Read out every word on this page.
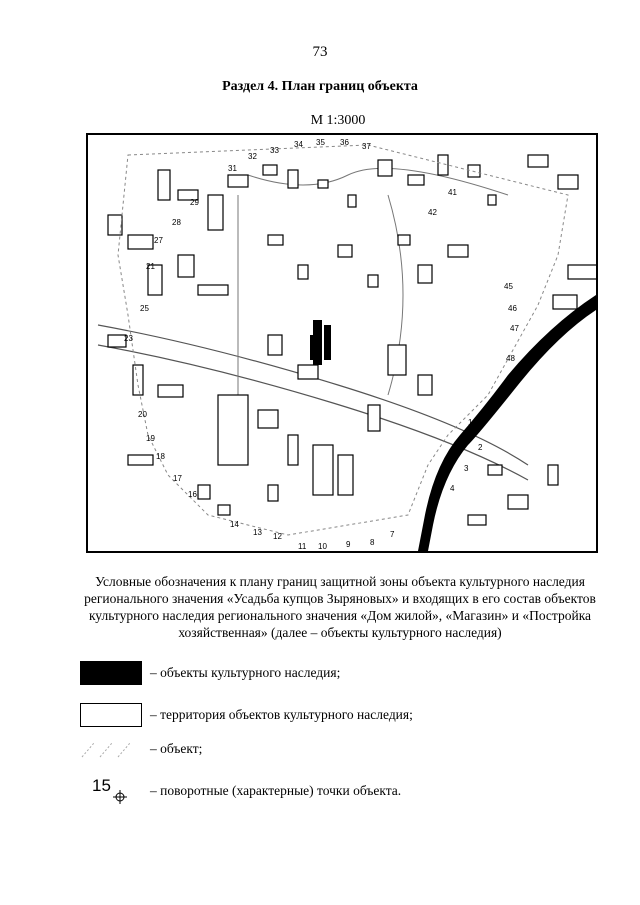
73
Раздел 4. План границ объекта
М 1:3000
1
2
3
4
6
7
8
9
10
11
12
13
14
16
17
18
19
20
23
25
21
27
28
29
31
32
33
34 35 36 37
41
42
45
46
47
48
Условные обозначения к плану границ защитной зоны объекта культурного наследия регионального значения «Усадьба купцов Зыряновых» и входящих в его состав объектов культурного наследия регионального значения «Дом жилой», «Магазин» и «Постройка хозяйственная» (далее – объекты культурного наследия)
– объекты культурного наследия;
– территория объектов культурного наследия;
– объект;
15	– поворотные (характерные) точки объекта.
